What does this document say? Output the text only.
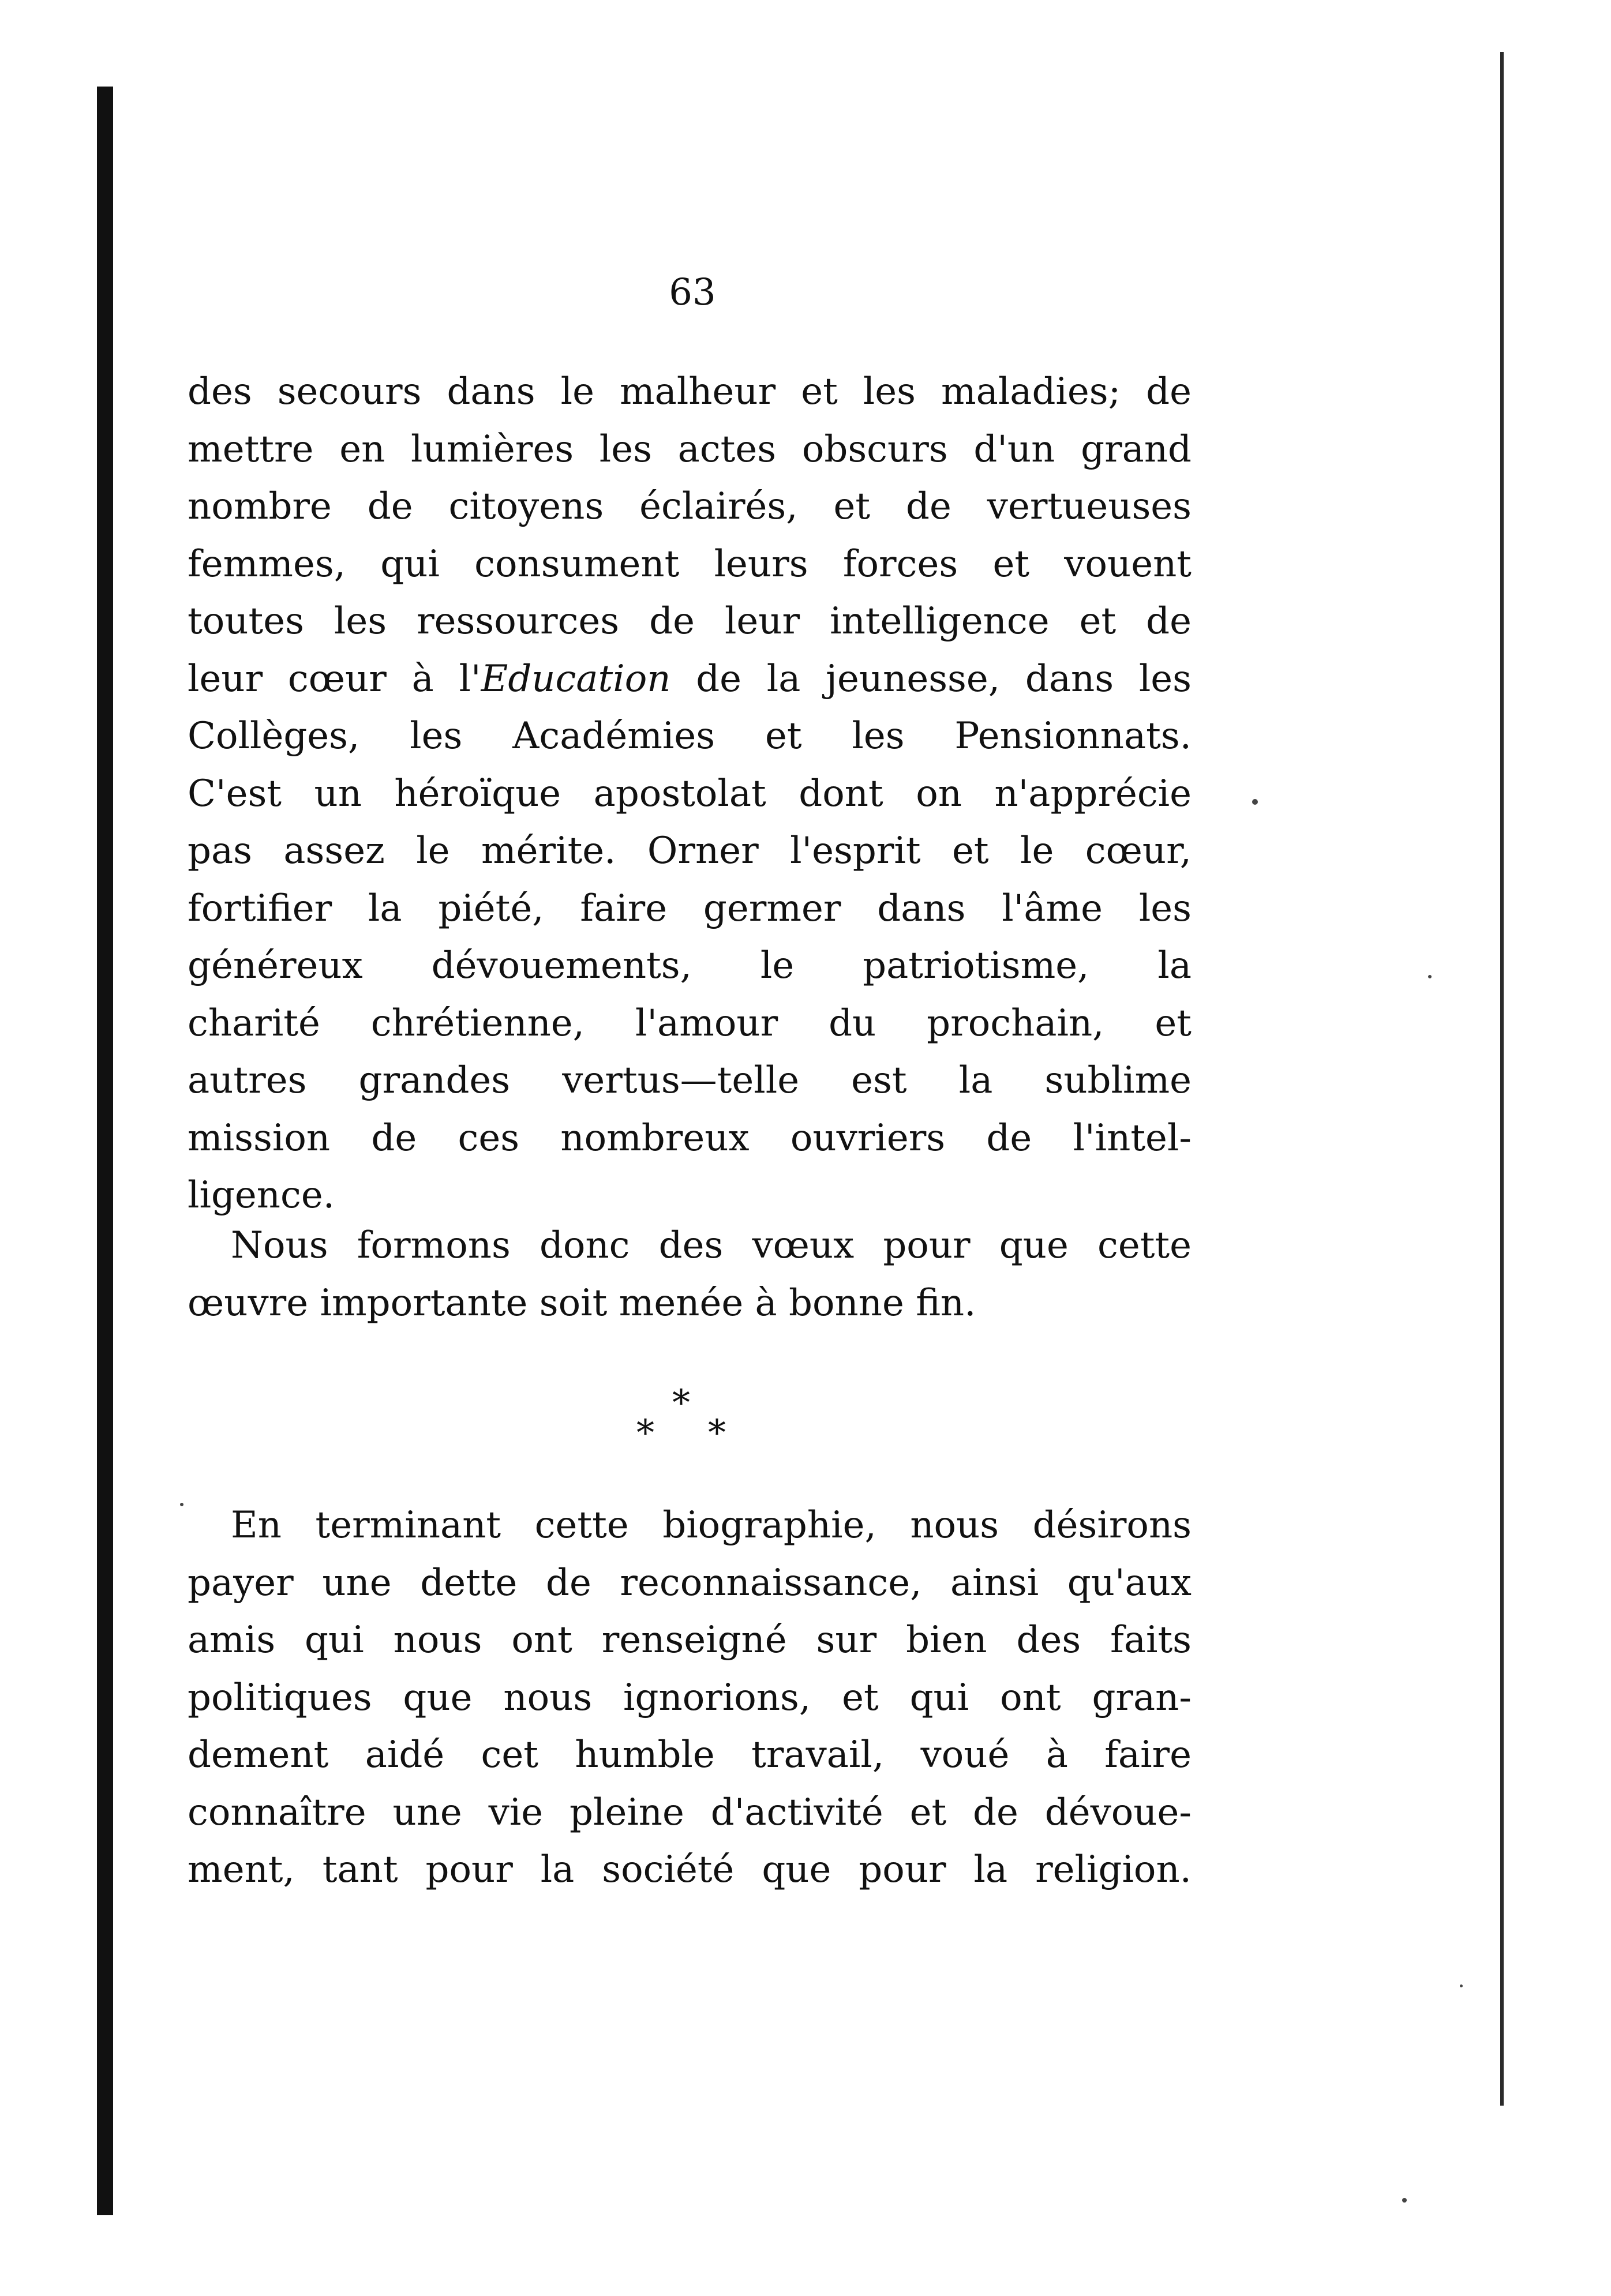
63
des secours dans le malheur et les maladies; de
mettre en lumières les actes obscurs d'un grand
nombre de citoyens éclairés, et de vertueuses
femmes, qui consument leurs forces et vouent
toutes les ressources de leur intelligence et de
leur cœur à l'Education de la jeunesse, dans les
Collèges, les Académies et les Pensionnats.
C'est un héroïque apostolat dont on n'apprécie
pas assez le mérite. Orner l'esprit et le cœur,
fortifier la piété, faire germer dans l'âme les
généreux dévouements, le patriotisme, la
charité chrétienne, l'amour du prochain, et
autres grandes vertus—telle est la sublime
mission de ces nombreux ouvriers de l'intel-
ligence.
Nous formons donc des vœux pour que cette
œuvre importante soit menée à bonne fin.
*
*
*
En terminant cette biographie, nous désirons
payer une dette de reconnaissance, ainsi qu'aux
amis qui nous ont renseigné sur bien des faits
politiques que nous ignorions, et qui ont gran-
dement aidé cet humble travail, voué à faire
connaître une vie pleine d'activité et de dévoue-
ment, tant pour la société que pour la religion.
